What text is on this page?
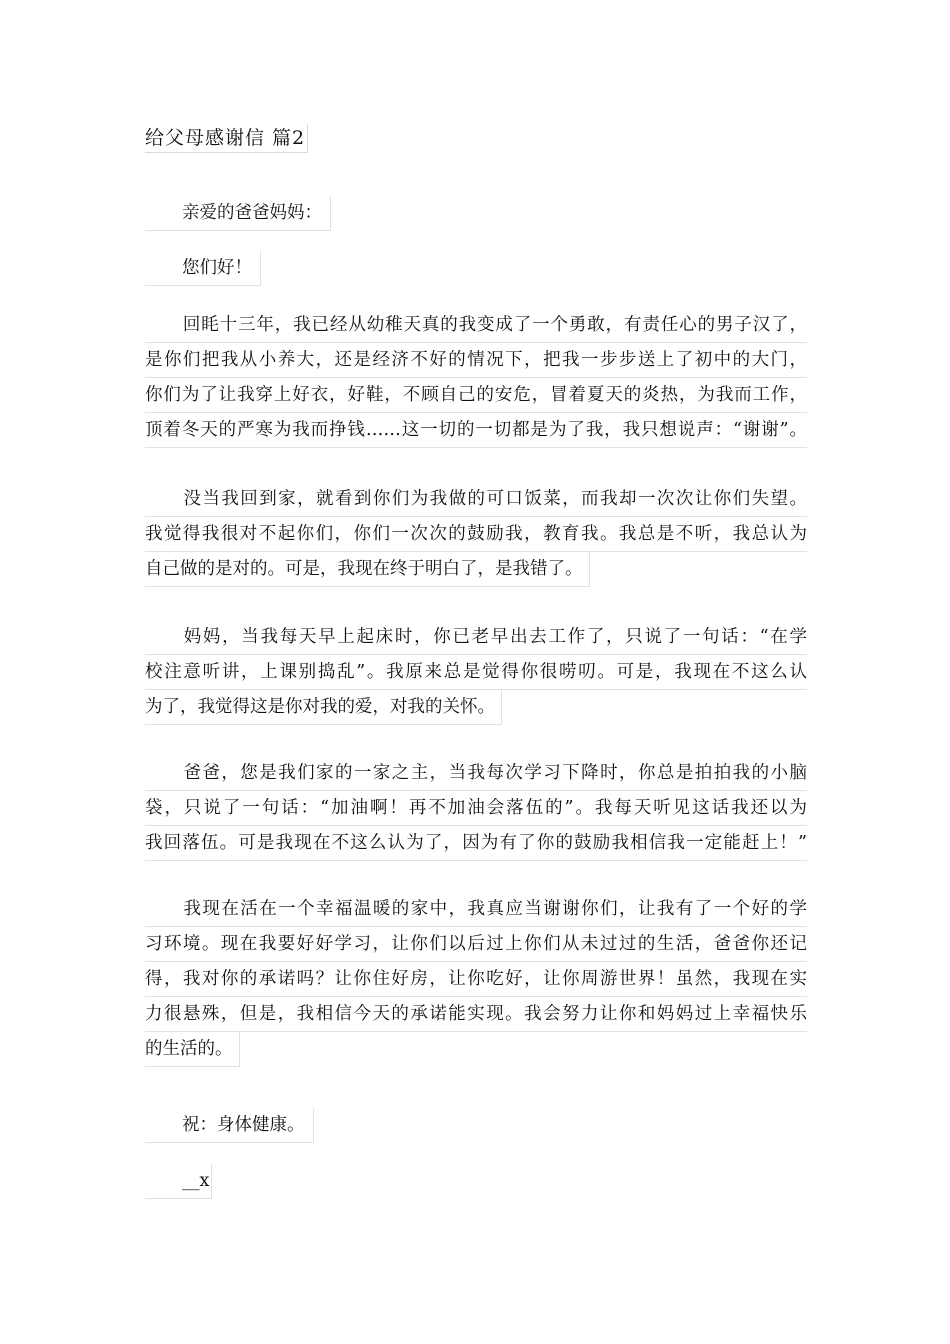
给父母感谢信 篇2
亲爱的爸爸妈妈：
您们好！
回眊十三年，我已经从幼稚天真的我变成了一个勇敢，有责任心的男子汉了，
是你们把我从小养大，还是经济不好的情况下，把我一步步送上了初中的大门，
你们为了让我穿上好衣，好鞋，不顾自己的安危，冒着夏天的炎热，为我而工作，
顶着冬天的严寒为我而挣钱……这一切的一切都是为了我，我只想说声：“谢谢”。
没当我回到家，就看到你们为我做的可口饭菜，而我却一次次让你们失望。
我觉得我很对不起你们，你们一次次的鼓励我，教育我。我总是不听，我总认为
自己做的是对的。可是，我现在终于明白了，是我错了。
妈妈，当我每天早上起床时，你已老早出去工作了，只说了一句话：“在学
校注意听讲，上课别捣乱”。我原来总是觉得你很唠叨。可是，我现在不这么认
为了，我觉得这是你对我的爱，对我的关怀。
爸爸，您是我们家的一家之主，当我每次学习下降时，你总是拍拍我的小脑
袋，只说了一句话：“加油啊！再不加油会落伍的”。我每天听见这话我还以为
我回落伍。可是我现在不这么认为了，因为有了你的鼓励我相信我一定能赶上！”
我现在活在一个幸福温暖的家中，我真应当谢谢你们，让我有了一个好的学
习环境。现在我要好好学习，让你们以后过上你们从未过过的生活，爸爸你还记
得，我对你的承诺吗？让你住好房，让你吃好，让你周游世界！虽然，我现在实
力很悬殊，但是，我相信今天的承诺能实现。我会努力让你和妈妈过上幸福快乐
的生活的。
祝：身体健康。
__x
